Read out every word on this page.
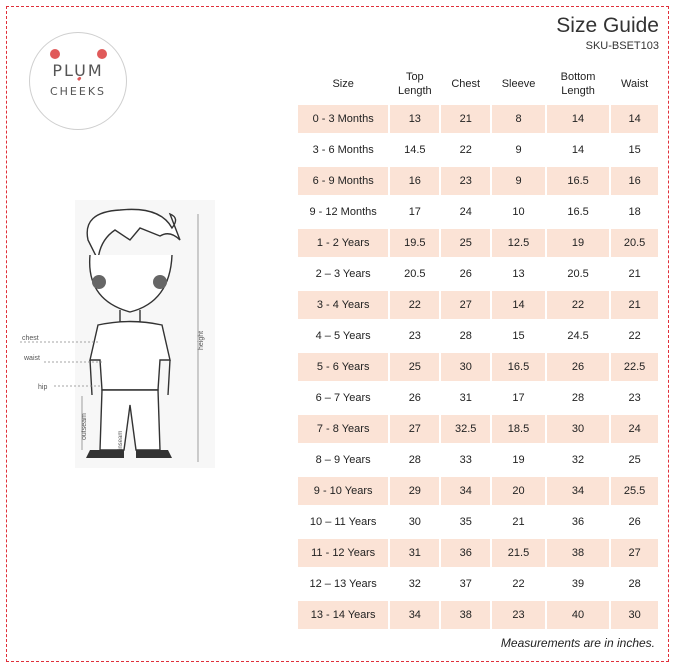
PLUM
CHEEKS
Size Guide
SKU-BSET103
chest
waist
hip
height
outseam
inseam
Size	Top Length	Chest	Sleeve	Bottom Length	Waist
0 - 3 Months	13	21	8	14	14
3 - 6 Months	14.5	22	9	14	15
6 - 9 Months	16	23	9	16.5	16
9 - 12 Months	17	24	10	16.5	18
1 - 2 Years	19.5	25	12.5	19	20.5
2 – 3 Years	20.5	26	13	20.5	21
3 - 4 Years	22	27	14	22	21
4 – 5 Years	23	28	15	24.5	22
5 - 6 Years	25	30	16.5	26	22.5
6 – 7 Years	26	31	17	28	23
7 - 8 Years	27	32.5	18.5	30	24
8 – 9 Years	28	33	19	32	25
9 - 10 Years	29	34	20	34	25.5
10 – 11 Years	30	35	21	36	26
11 - 12 Years	31	36	21.5	38	27
12 – 13 Years	32	37	22	39	28
13 - 14 Years	34	38	23	40	30
Measurements are in inches.
